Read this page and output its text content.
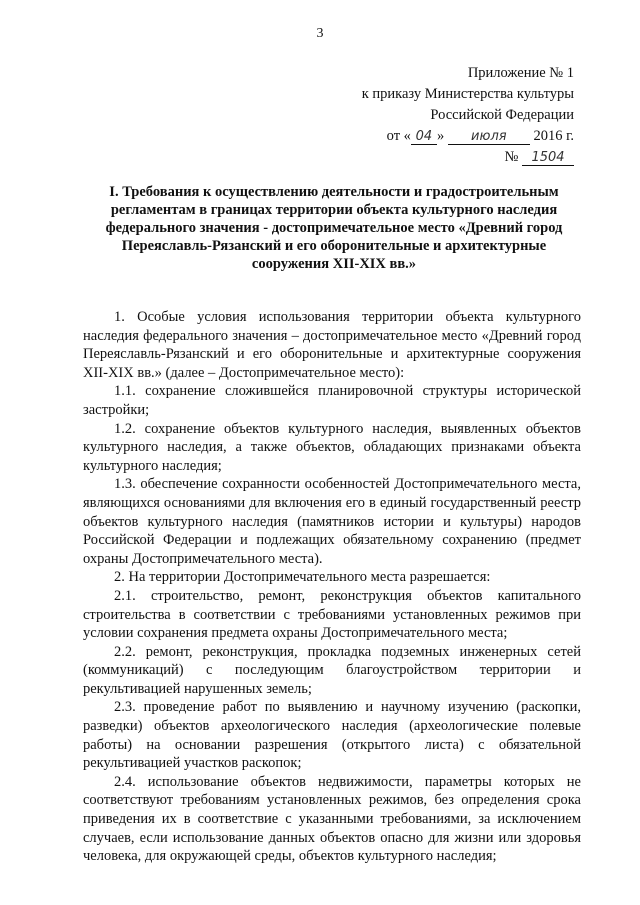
3
Приложение № 1
к приказу Министерства культуры
Российской Федерации
от « 04 » июля 2016 г.
№ 1504
I. Требования к осуществлению деятельности и градостроительным регламентам в границах территории объекта культурного наследия федерального значения - достопримечательное место «Древний город Переяславль-Рязанский и его оборонительные и архитектурные сооружения XII-XIX вв.»

1. Особые условия использования территории объекта культурного наследия федерального значения – достопримечательное место «Древний город Переяславль-Рязанский и его оборонительные и архитектурные сооружения XII-XIX вв.» (далее – Достопримечательное место):

1.1. сохранение сложившейся планировочной структуры исторической застройки;

1.2. сохранение объектов культурного наследия, выявленных объектов культурного наследия, а также объектов, обладающих признаками объекта культурного наследия;

1.3. обеспечение сохранности особенностей Достопримечательного места, являющихся основаниями для включения его в единый государственный реестр объектов культурного наследия (памятников истории и культуры) народов Российской Федерации и подлежащих обязательному сохранению (предмет охраны Достопримечательного места).

2. На территории Достопримечательного места разрешается:

2.1. строительство, ремонт, реконструкция объектов капитального строительства в соответствии с требованиями установленных режимов при условии сохранения предмета охраны Достопримечательного места;

2.2. ремонт, реконструкция, прокладка подземных инженерных сетей (коммуникаций) с последующим благоустройством территории и рекультивацией нарушенных земель;

2.3. проведение работ по выявлению и научному изучению (раскопки, разведки) объектов археологического наследия (археологические полевые работы) на основании разрешения (открытого листа) с обязательной рекультивацией участков раскопок;

2.4. использование объектов недвижимости, параметры которых не соответствуют требованиям установленных режимов, без определения срока приведения их в соответствие с указанными требованиями, за исключением случаев, если использование данных объектов опасно для жизни или здоровья человека, для окружающей среды, объектов культурного наследия;
